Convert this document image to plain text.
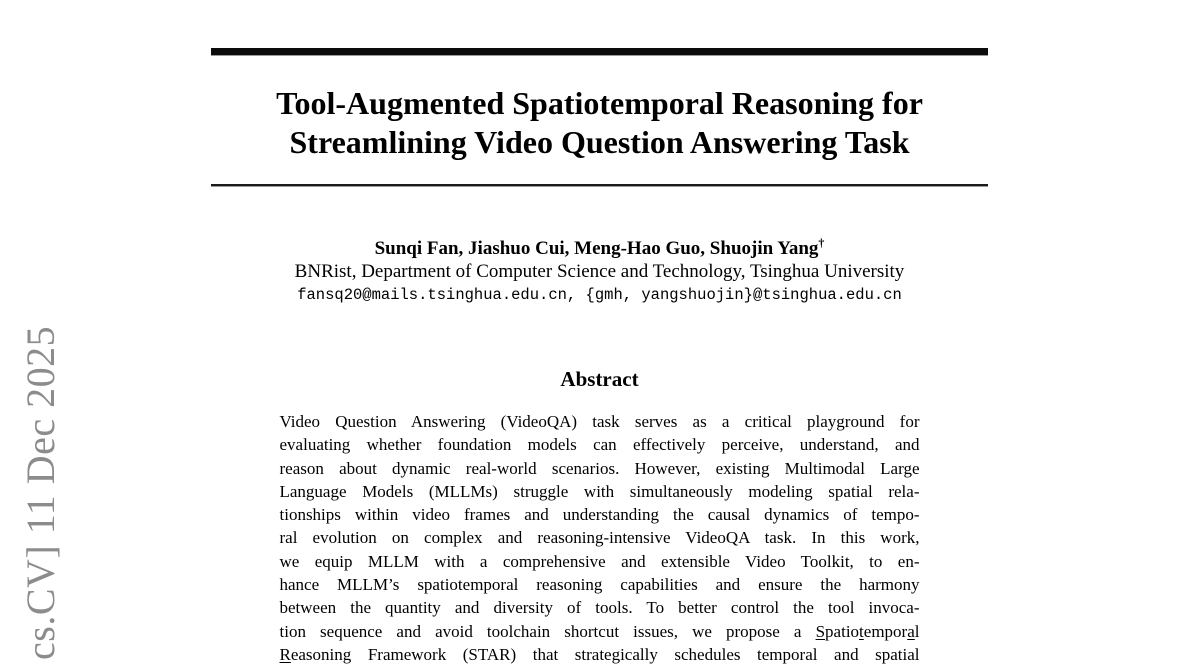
cs.CV] 11 Dec 2025
Tool-Augmented Spatiotemporal Reasoning for
Streamlining Video Question Answering Task
Sunqi Fan, Jiashuo Cui, Meng-Hao Guo, Shuojin Yang†
BNRist, Department of Computer Science and Technology, Tsinghua University
fansq20@mails.tsinghua.edu.cn, {gmh, yangshuojin}@tsinghua.edu.cn
Abstract
Video Question Answering (VideoQA) task serves as a critical playground for
evaluating whether foundation models can effectively perceive, understand, and
reason about dynamic real-world scenarios. However, existing Multimodal Large
Language Models (MLLMs) struggle with simultaneously modeling spatial rela-
tionships within video frames and understanding the causal dynamics of tempo-
ral evolution on complex and reasoning-intensive VideoQA task. In this work,
we equip MLLM with a comprehensive and extensible Video Toolkit, to en-
hance MLLM’s spatiotemporal reasoning capabilities and ensure the harmony
between the quantity and diversity of tools. To better control the tool invoca-
tion sequence and avoid toolchain shortcut issues, we propose a Spatiotemporal
Reasoning Framework (STAR) that strategically schedules temporal and spatial
